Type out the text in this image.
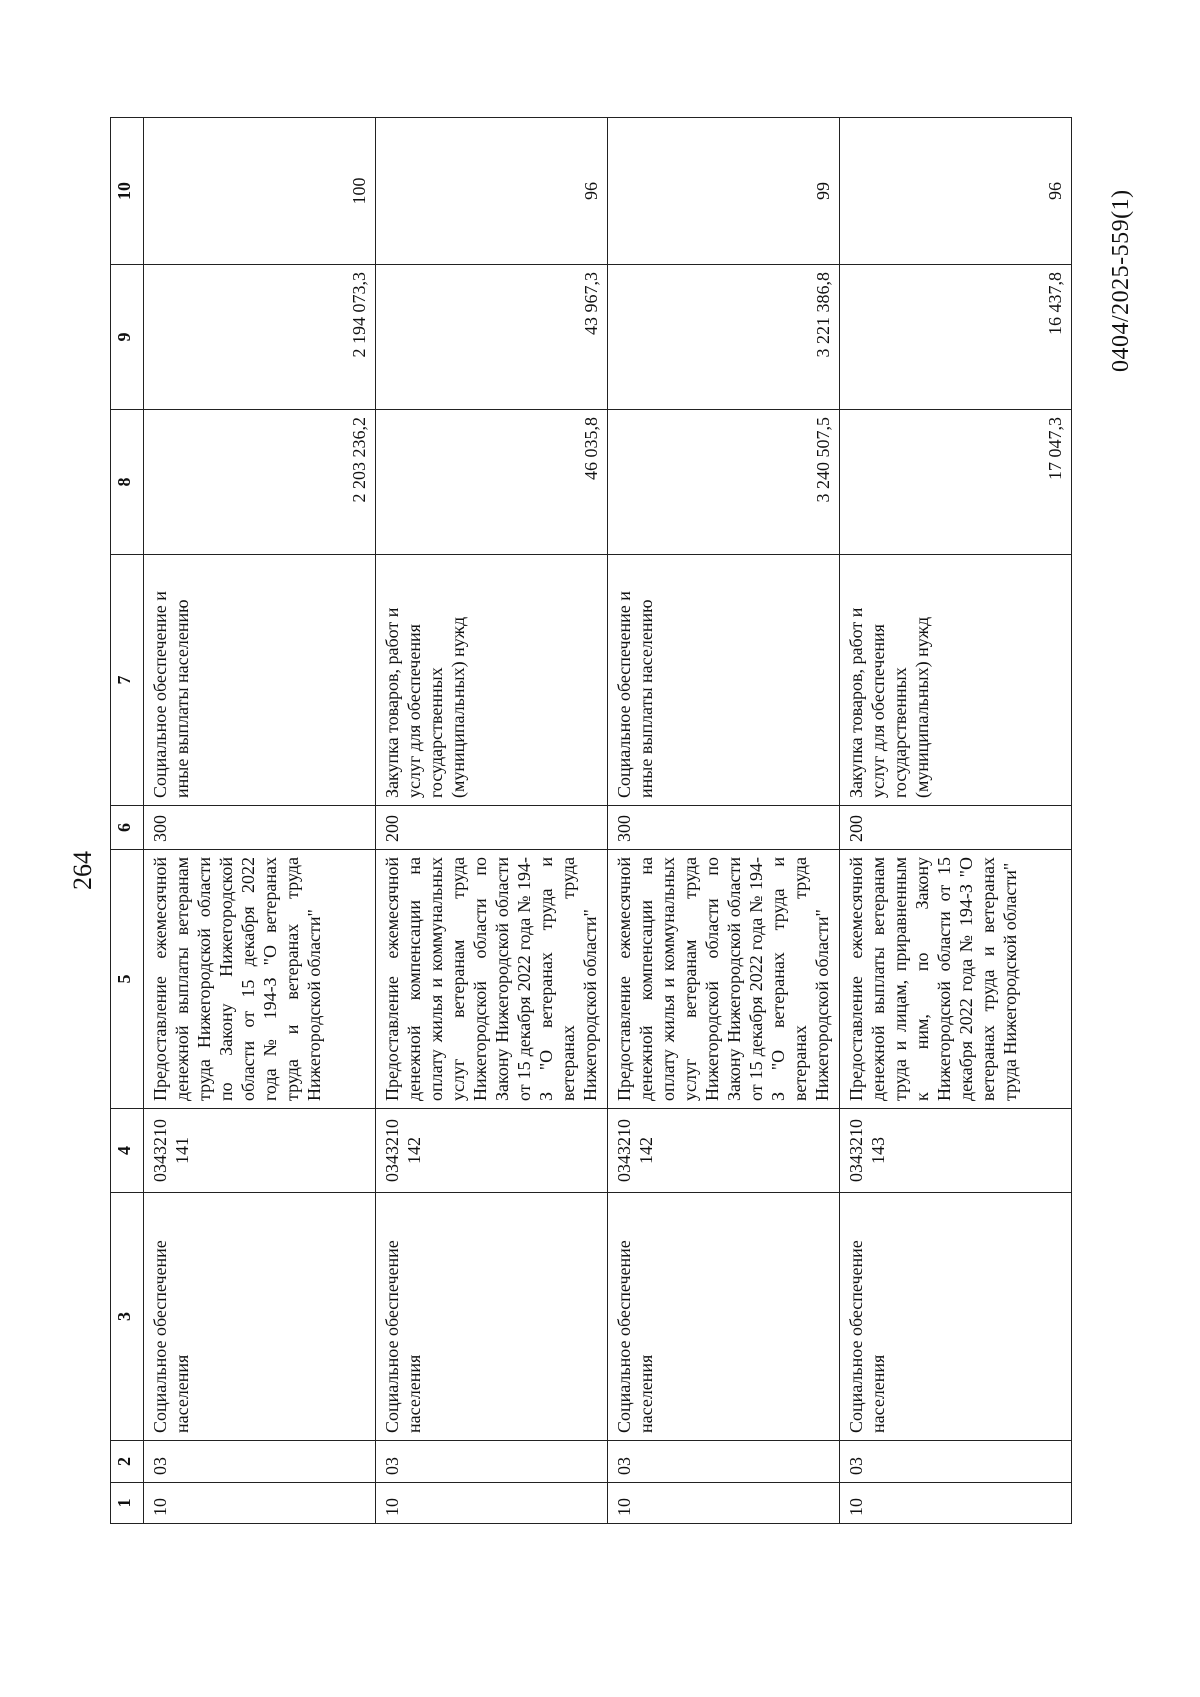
264
1	2	3	4	5	6	7	8	9	10
10	03	Социальное обеспечение населения	0343210 141	Предоставление ежемесячной денежной выплаты ветеранам труда Нижегородской области по Закону Нижегородской области от 15 декабря 2022 года № 194-З "О ветеранах труда и ветеранах труда Нижегородской области"	300	Социальное обеспечение и иные выплаты населению	2 203 236,2	2 194 073,3	100
10	03	Социальное обеспечение населения	0343210 142	Предоставление ежемесячной денежной компенсации на оплату жилья и коммунальных услуг ветеранам труда Нижегородской области по Закону Нижегородской области от 15 декабря 2022 года № 194-З "О ветеранах труда и ветеранах труда Нижегородской области"	200	Закупка товаров, работ и услуг для обеспечения государственных (муниципальных) нужд	46 035,8	43 967,3	96
10	03	Социальное обеспечение населения	0343210 142	Предоставление ежемесячной денежной компенсации на оплату жилья и коммунальных услуг ветеранам труда Нижегородской области по Закону Нижегородской области от 15 декабря 2022 года № 194-З "О ветеранах труда и ветеранах труда Нижегородской области"	300	Социальное обеспечение и иные выплаты населению	3 240 507,5	3 221 386,8	99
10	03	Социальное обеспечение населения	0343210 143	Предоставление ежемесячной денежной выплаты ветеранам труда и лицам, приравненным к ним, по Закону Нижегородской области от 15 декабря 2022 года № 194-З "О ветеранах труда и ветеранах труда Нижегородской области"	200	Закупка товаров, работ и услуг для обеспечения государственных (муниципальных) нужд	17 047,3	16 437,8	96 0404/2025-559(1)
